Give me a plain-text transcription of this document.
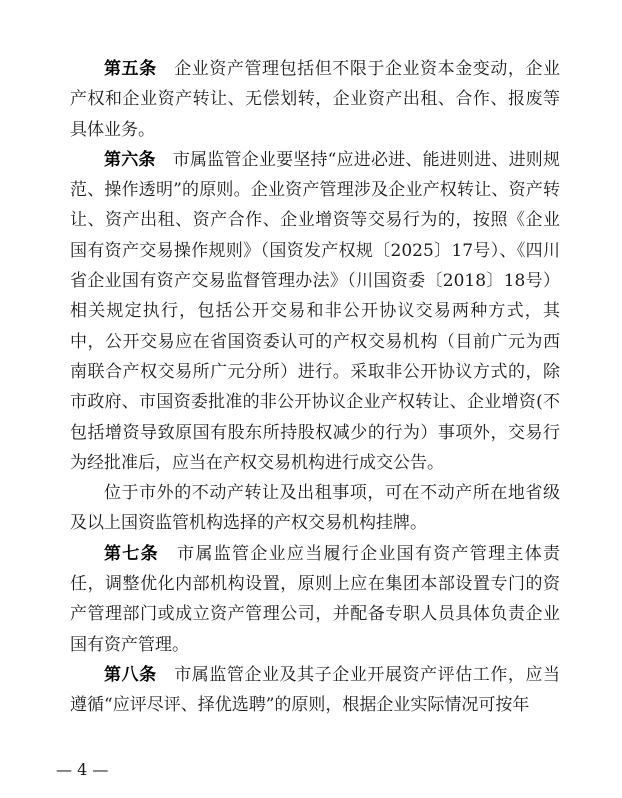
第五条　 企业资产管理包括但不限于企业资本金变动，企业产权和企业资产转让、无偿划转，企业资产出租、合作、报废等具体业务。

第六条　 市属监管企业要坚持“应进必进、能进则进、进则规范、操作透明”的原则。企业资产管理涉及企业产权转让、资产转让、资产出租、资产合作、企业增资等交易行为的，按照《企业国有资产交易操作规则》（国资发产权规〔2025〕17号）、《四川省企业国有资产交易监督管理办法》（川国资委〔2018〕18号）相关规定执行，包括公开交易和非公开协议交易两种方式，其中，公开交易应在省国资委认可的产权交易机构（目前广元为西南联合产权交易所广元分所）进行。采取非公开协议方式的，除市政府、市国资委批准的非公开协议企业产权转让、企业增资(不包括增资导致原国有股东所持股权减少的行为）事项外，交易行为经批准后，应当在产权交易机构进行成交公告。

位于市外的不动产转让及出租事项，可在不动产所在地省级及以上国资监管机构选择的产权交易机构挂牌。

第七条　 市属监管企业应当履行企业国有资产管理主体责任，调整优化内部机构设置，原则上应在集团本部设置专门的资产管理部门或成立资产管理公司，并配备专职人员具体负责企业国有资产管理。

第八条　 市属监管企业及其子企业开展资产评估工作，应当遵循“应评尽评、择优选聘”的原则，根据企业实际情况可按年

— 4 —
